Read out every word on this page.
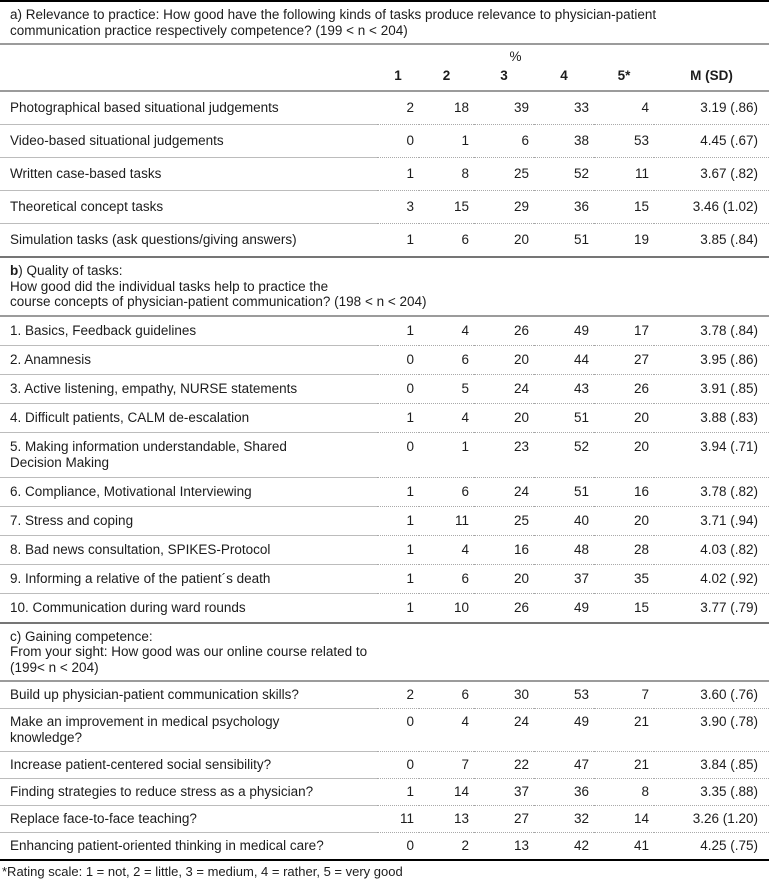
a) Relevance to practice: How good have the following kinds of tasks produce relevance to physician-patient
communication practice respectively competence? (199 < n < 204)						

	%					
	1	2	3	4	5*	M (SD)
Photographical based situational judgements	2	18	39	33	4	3.19 (.86)
Video-based situational judgements	0	1	6	38	53	4.45 (.67)
Written case-based tasks	1	8	25	52	11	3.67 (.82)
Theoretical concept tasks	3	15	29	36	15	3.46 (1.02)
Simulation tasks (ask questions/giving answers)	1	6	20	51	19	3.85 (.84)

b) Quality of tasks:
How good did the individual tasks help to practice the
course concepts of physician-patient communication? (198 < n < 204)						

1. Basics, Feedback guidelines	1	4	26	49	17	3.78 (.84)
2. Anamnesis	0	6	20	44	27	3.95 (.86)
3. Active listening, empathy, NURSE statements	0	5	24	43	26	3.91 (.85)
4. Difficult patients, CALM de-escalation	1	4	20	51	20	3.88 (.83)
5. Making information understandable, Shared
Decision Making	0	1	23	52	20	3.94 (.71)
6. Compliance, Motivational Interviewing	1	6	24	51	16	3.78 (.82)
7. Stress and coping	1	11	25	40	20	3.71 (.94)
8. Bad news consultation, SPIKES-Protocol	1	4	16	48	28	4.03 (.82)
9. Informing a relative of the patient´s death	1	6	20	37	35	4.02 (.92)
10. Communication during ward rounds	1	10	26	49	15	3.77 (.79)

c) Gaining competence:
From your sight: How good was our online course related to
(199< n < 204)						

Build up physician-patient communication skills?	2	6	30	53	7	3.60 (.76)
Make an improvement in medical psychology
knowledge?	0	4	24	49	21	3.90 (.78)
Increase patient-centered social sensibility?	0	7	22	47	21	3.84 (.85)
Finding strategies to reduce stress as a physician?	1	14	37	36	8	3.35 (.88)
Replace face-to-face teaching?	11	13	27	32	14	3.26 (1.20)
Enhancing patient-oriented thinking in medical care?	0	2	13	42	41	4.25 (.75)
*Rating scale: 1 = not, 2 = little, 3 = medium, 4 = rather, 5 = very good
